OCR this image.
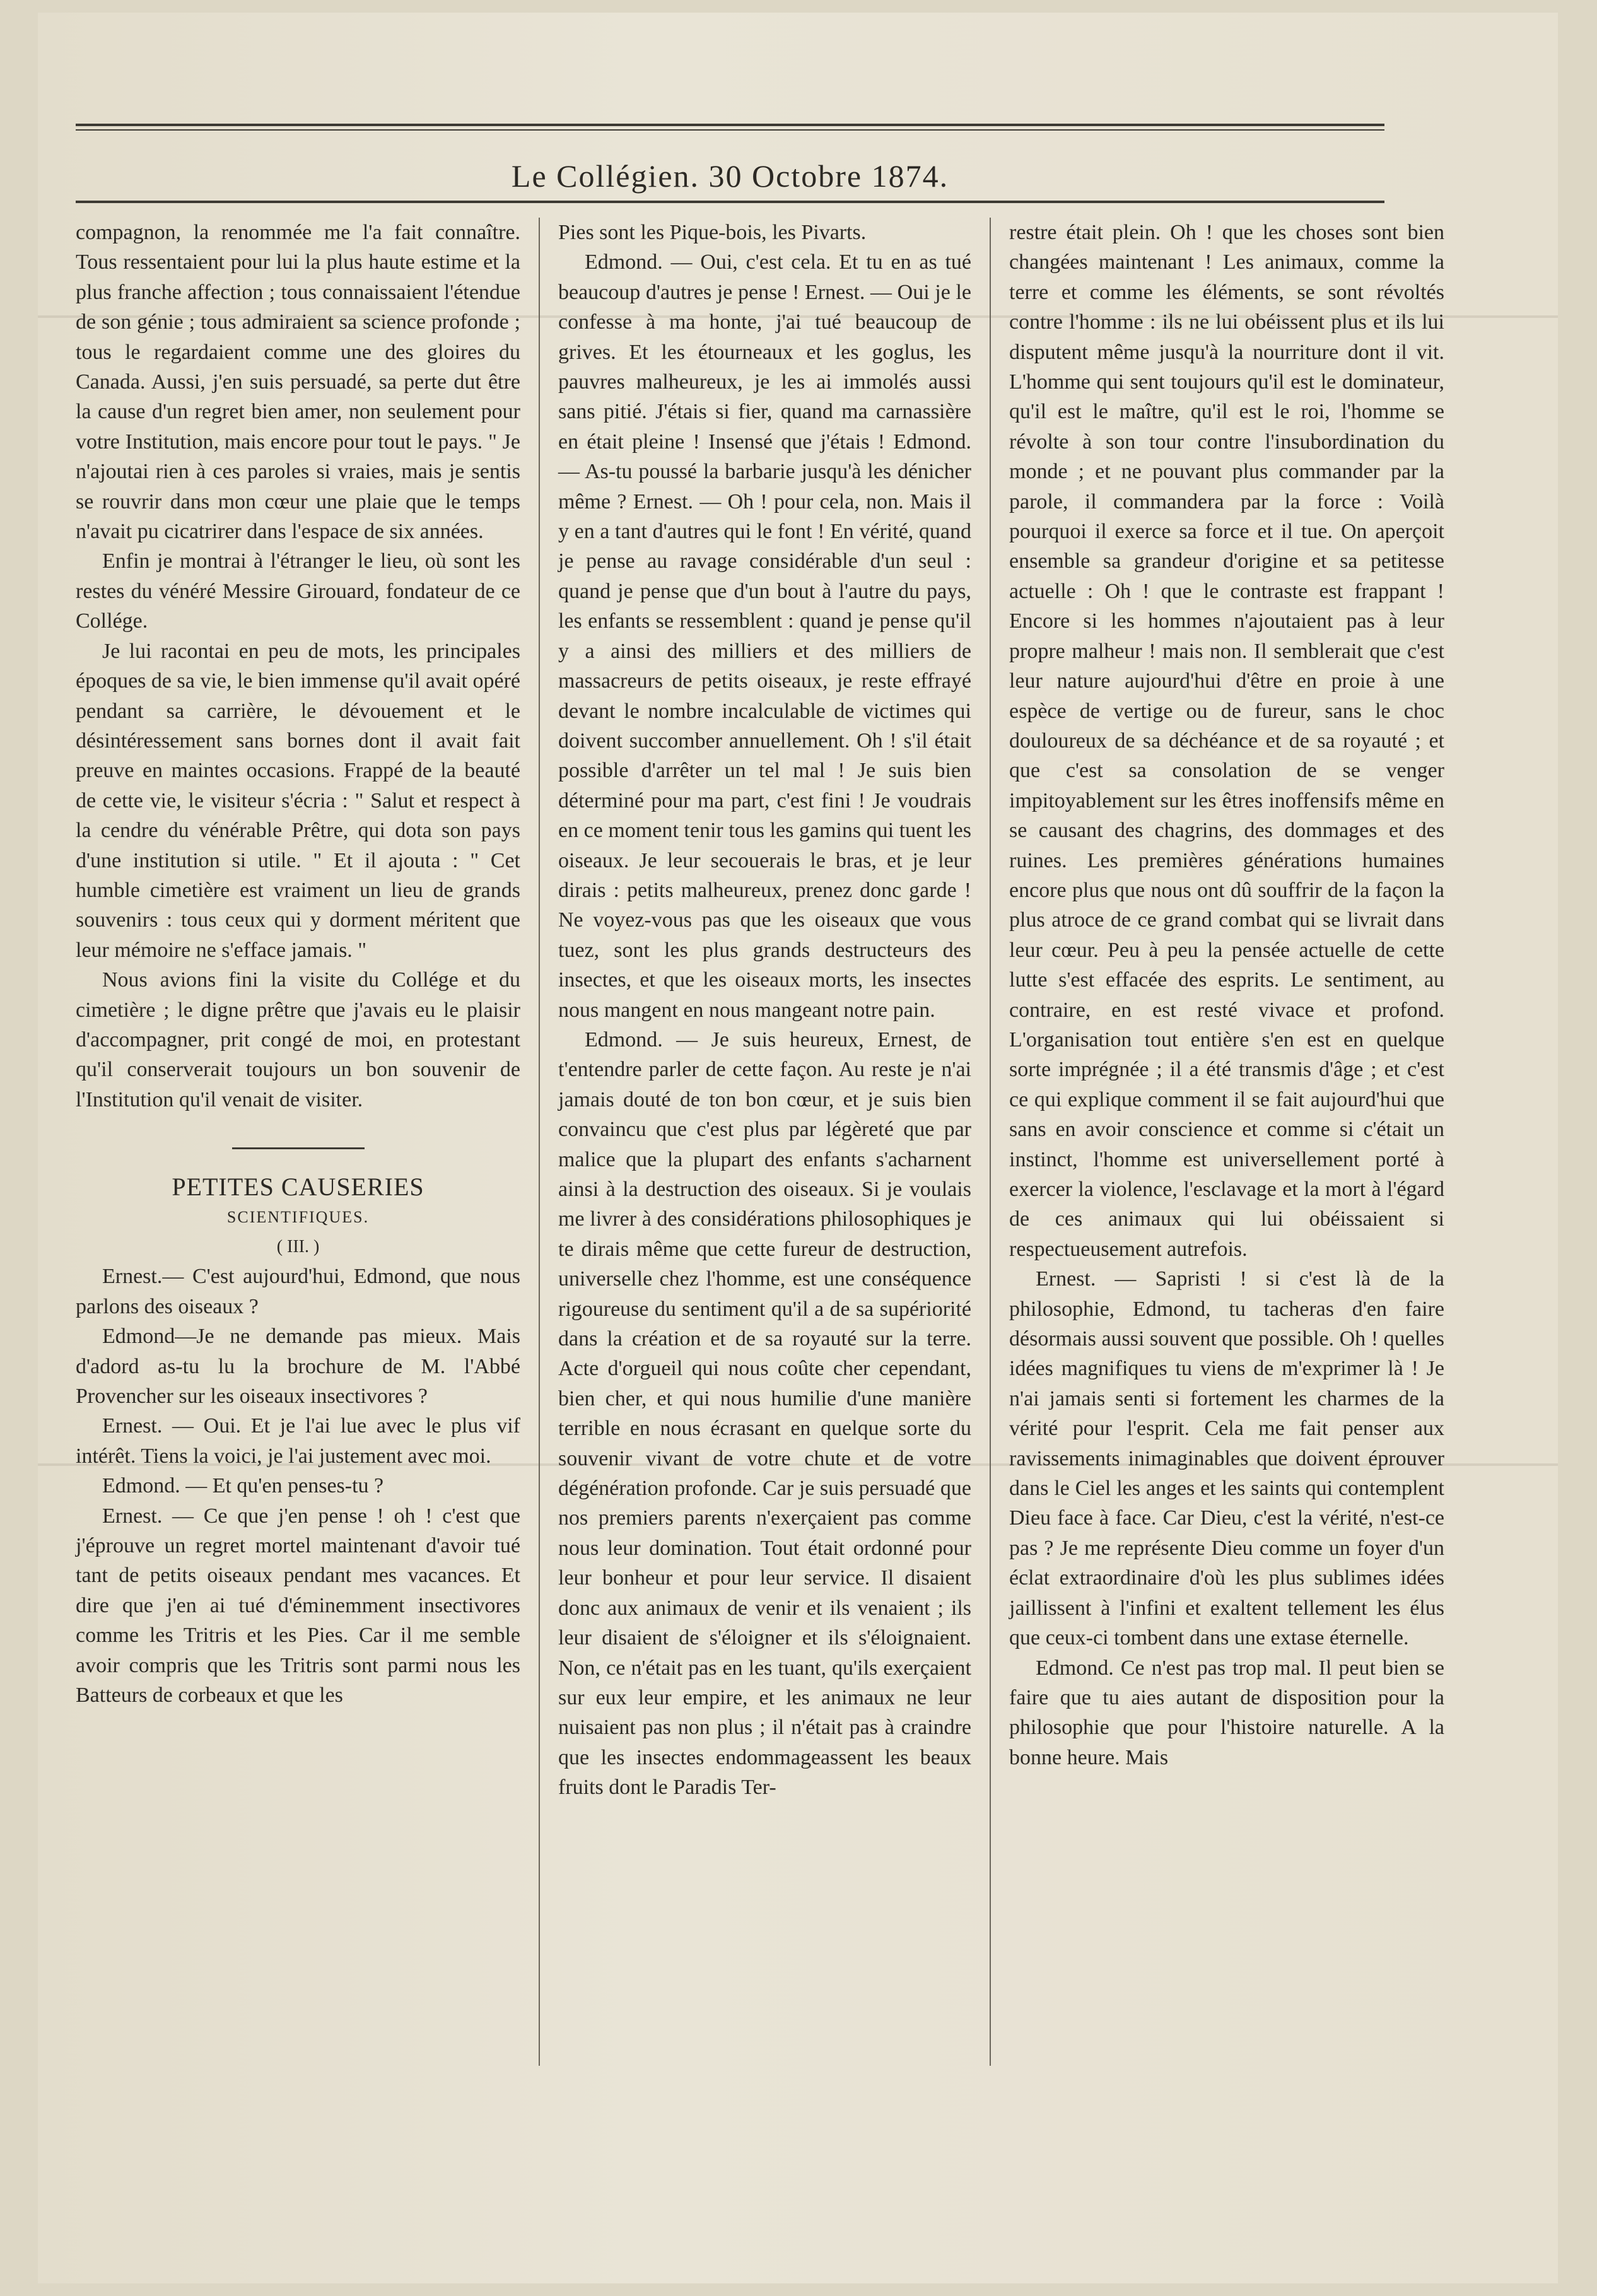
Le Collégien. 30 Octobre 1874.

compagnon, la renommée me l'a fait connaître. Tous ressentaient pour lui la plus haute estime et la plus franche affection ; tous connaissaient l'étendue de son génie ; tous admiraient sa science profonde ; tous le regardaient comme une des gloires du Canada. Aussi, j'en suis persuadé, sa perte dut être la cause d'un regret bien amer, non seulement pour votre Institution, mais encore pour tout le pays. " Je n'ajoutai rien à ces paroles si vraies, mais je sentis se rouvrir dans mon cœur une plaie que le temps n'avait pu cicatrirer dans l'espace de six années.

Enfin je montrai à l'étranger le lieu, où sont les restes du vénéré Messire Girouard, fondateur de ce Collége.

Je lui racontai en peu de mots, les principales époques de sa vie, le bien immense qu'il avait opéré pendant sa carrière, le dévouement et le désintéressement sans bornes dont il avait fait preuve en maintes occasions. Frappé de la beauté de cette vie, le visiteur s'écria : " Salut et respect à la cendre du vénérable Prêtre, qui dota son pays d'une institution si utile. " Et il ajouta : " Cet humble cimetière est vraiment un lieu de grands souvenirs : tous ceux qui y dorment méritent que leur mémoire ne s'efface jamais. "

Nous avions fini la visite du Collége et du cimetière ; le digne prêtre que j'avais eu le plaisir d'accompagner, prit congé de moi, en protestant qu'il conserverait toujours un bon souvenir de l'Institution qu'il venait de visiter.

PETITES CAUSERIES

SCIENTIFIQUES.

( III. )

Ernest.— C'est aujourd'hui, Edmond, que nous parlons des oiseaux ?

Edmond—Je ne demande pas mieux. Mais d'adord as-tu lu la brochure de M. l'Abbé Provencher sur les oiseaux insectivores ?

Ernest. — Oui. Et je l'ai lue avec le plus vif intérêt. Tiens la voici, je l'ai justement avec moi.

Edmond. — Et qu'en penses-tu ?

Ernest. — Ce que j'en pense ! oh ! c'est que j'éprouve un regret mortel maintenant d'avoir tué tant de petits oiseaux pendant mes vacances. Et dire que j'en ai tué d'éminemment insectivores comme les Tritris et les Pies. Car il me semble avoir compris que les Tritris sont parmi nous les Batteurs de corbeaux et que les

Pies sont les Pique-bois, les Pivarts.

Edmond. — Oui, c'est cela. Et tu en as tué beaucoup d'autres je pense ! Ernest. — Oui je le confesse à ma honte, j'ai tué beaucoup de grives. Et les étourneaux et les goglus, les pauvres malheureux, je les ai immolés aussi sans pitié. J'étais si fier, quand ma carnassière en était pleine ! Insensé que j'étais ! Edmond. — As-tu poussé la barbarie jusqu'à les dénicher même ? Ernest. — Oh ! pour cela, non. Mais il y en a tant d'autres qui le font ! En vérité, quand je pense au ravage considérable d'un seul : quand je pense que d'un bout à l'autre du pays, les enfants se ressemblent : quand je pense qu'il y a ainsi des milliers et des milliers de massacreurs de petits oiseaux, je reste effrayé devant le nombre incalculable de victimes qui doivent succomber annuellement. Oh ! s'il était possible d'arrêter un tel mal ! Je suis bien déterminé pour ma part, c'est fini ! Je voudrais en ce moment tenir tous les gamins qui tuent les oiseaux. Je leur secouerais le bras, et je leur dirais : petits malheureux, prenez donc garde ! Ne voyez-vous pas que les oiseaux que vous tuez, sont les plus grands destructeurs des insectes, et que les oiseaux morts, les insectes nous mangent en nous mangeant notre pain.

Edmond. — Je suis heureux, Ernest, de t'entendre parler de cette façon. Au reste je n'ai jamais douté de ton bon cœur, et je suis bien convaincu que c'est plus par légèreté que par malice que la plupart des enfants s'acharnent ainsi à la destruction des oiseaux. Si je voulais me livrer à des considérations philosophiques je te dirais même que cette fureur de destruction, universelle chez l'homme, est une conséquence rigoureuse du sentiment qu'il a de sa supériorité dans la création et de sa royauté sur la terre. Acte d'orgueil qui nous coûte cher cependant, bien cher, et qui nous humilie d'une manière terrible en nous écrasant en quelque sorte du souvenir vivant de votre chute et de votre dégénération profonde. Car je suis persuadé que nos premiers parents n'exerçaient pas comme nous leur domination. Tout était ordonné pour leur bonheur et pour leur service. Il disaient donc aux animaux de venir et ils venaient ; ils leur disaient de s'éloigner et ils s'éloignaient. Non, ce n'était pas en les tuant, qu'ils exerçaient sur eux leur empire, et les animaux ne leur nuisaient pas non plus ; il n'était pas à craindre que les insectes endommageassent les beaux fruits dont le Paradis Ter-

restre était plein. Oh ! que les choses sont bien changées maintenant ! Les animaux, comme la terre et comme les éléments, se sont révoltés contre l'homme : ils ne lui obéissent plus et ils lui disputent même jusqu'à la nourriture dont il vit. L'homme qui sent toujours qu'il est le dominateur, qu'il est le maître, qu'il est le roi, l'homme se révolte à son tour contre l'insubordination du monde ; et ne pouvant plus commander par la parole, il commandera par la force : Voilà pourquoi il exerce sa force et il tue. On aperçoit ensemble sa grandeur d'origine et sa petitesse actuelle : Oh ! que le contraste est frappant ! Encore si les hommes n'ajoutaient pas à leur propre malheur ! mais non. Il semblerait que c'est leur nature aujourd'hui d'être en proie à une espèce de vertige ou de fureur, sans le choc douloureux de sa déchéance et de sa royauté ; et que c'est sa consolation de se venger impitoyablement sur les êtres inoffensifs même en se causant des chagrins, des dommages et des ruines. Les premières générations humaines encore plus que nous ont dû souffrir de la façon la plus atroce de ce grand combat qui se livrait dans leur cœur. Peu à peu la pensée actuelle de cette lutte s'est effacée des esprits. Le sentiment, au contraire, en est resté vivace et profond. L'organisation tout entière s'en est en quelque sorte imprégnée ; il a été transmis d'âge ; et c'est ce qui explique comment il se fait aujourd'hui que sans en avoir conscience et comme si c'était un instinct, l'homme est universellement porté à exercer la violence, l'esclavage et la mort à l'égard de ces animaux qui lui obéissaient si respectueusement autrefois.

Ernest. — Sapristi ! si c'est là de la philosophie, Edmond, tu tacheras d'en faire désormais aussi souvent que possible. Oh ! quelles idées magnifiques tu viens de m'exprimer là ! Je n'ai jamais senti si fortement les charmes de la vérité pour l'esprit. Cela me fait penser aux ravissements inimaginables que doivent éprouver dans le Ciel les anges et les saints qui contemplent Dieu face à face. Car Dieu, c'est la vérité, n'est-ce pas ? Je me représente Dieu comme un foyer d'un éclat extraordinaire d'où les plus sublimes idées jaillissent à l'infini et exaltent tellement les élus que ceux-ci tombent dans une extase éternelle.

Edmond. Ce n'est pas trop mal. Il peut bien se faire que tu aies autant de disposition pour la philosophie que pour l'histoire naturelle. A la bonne heure. Mais
